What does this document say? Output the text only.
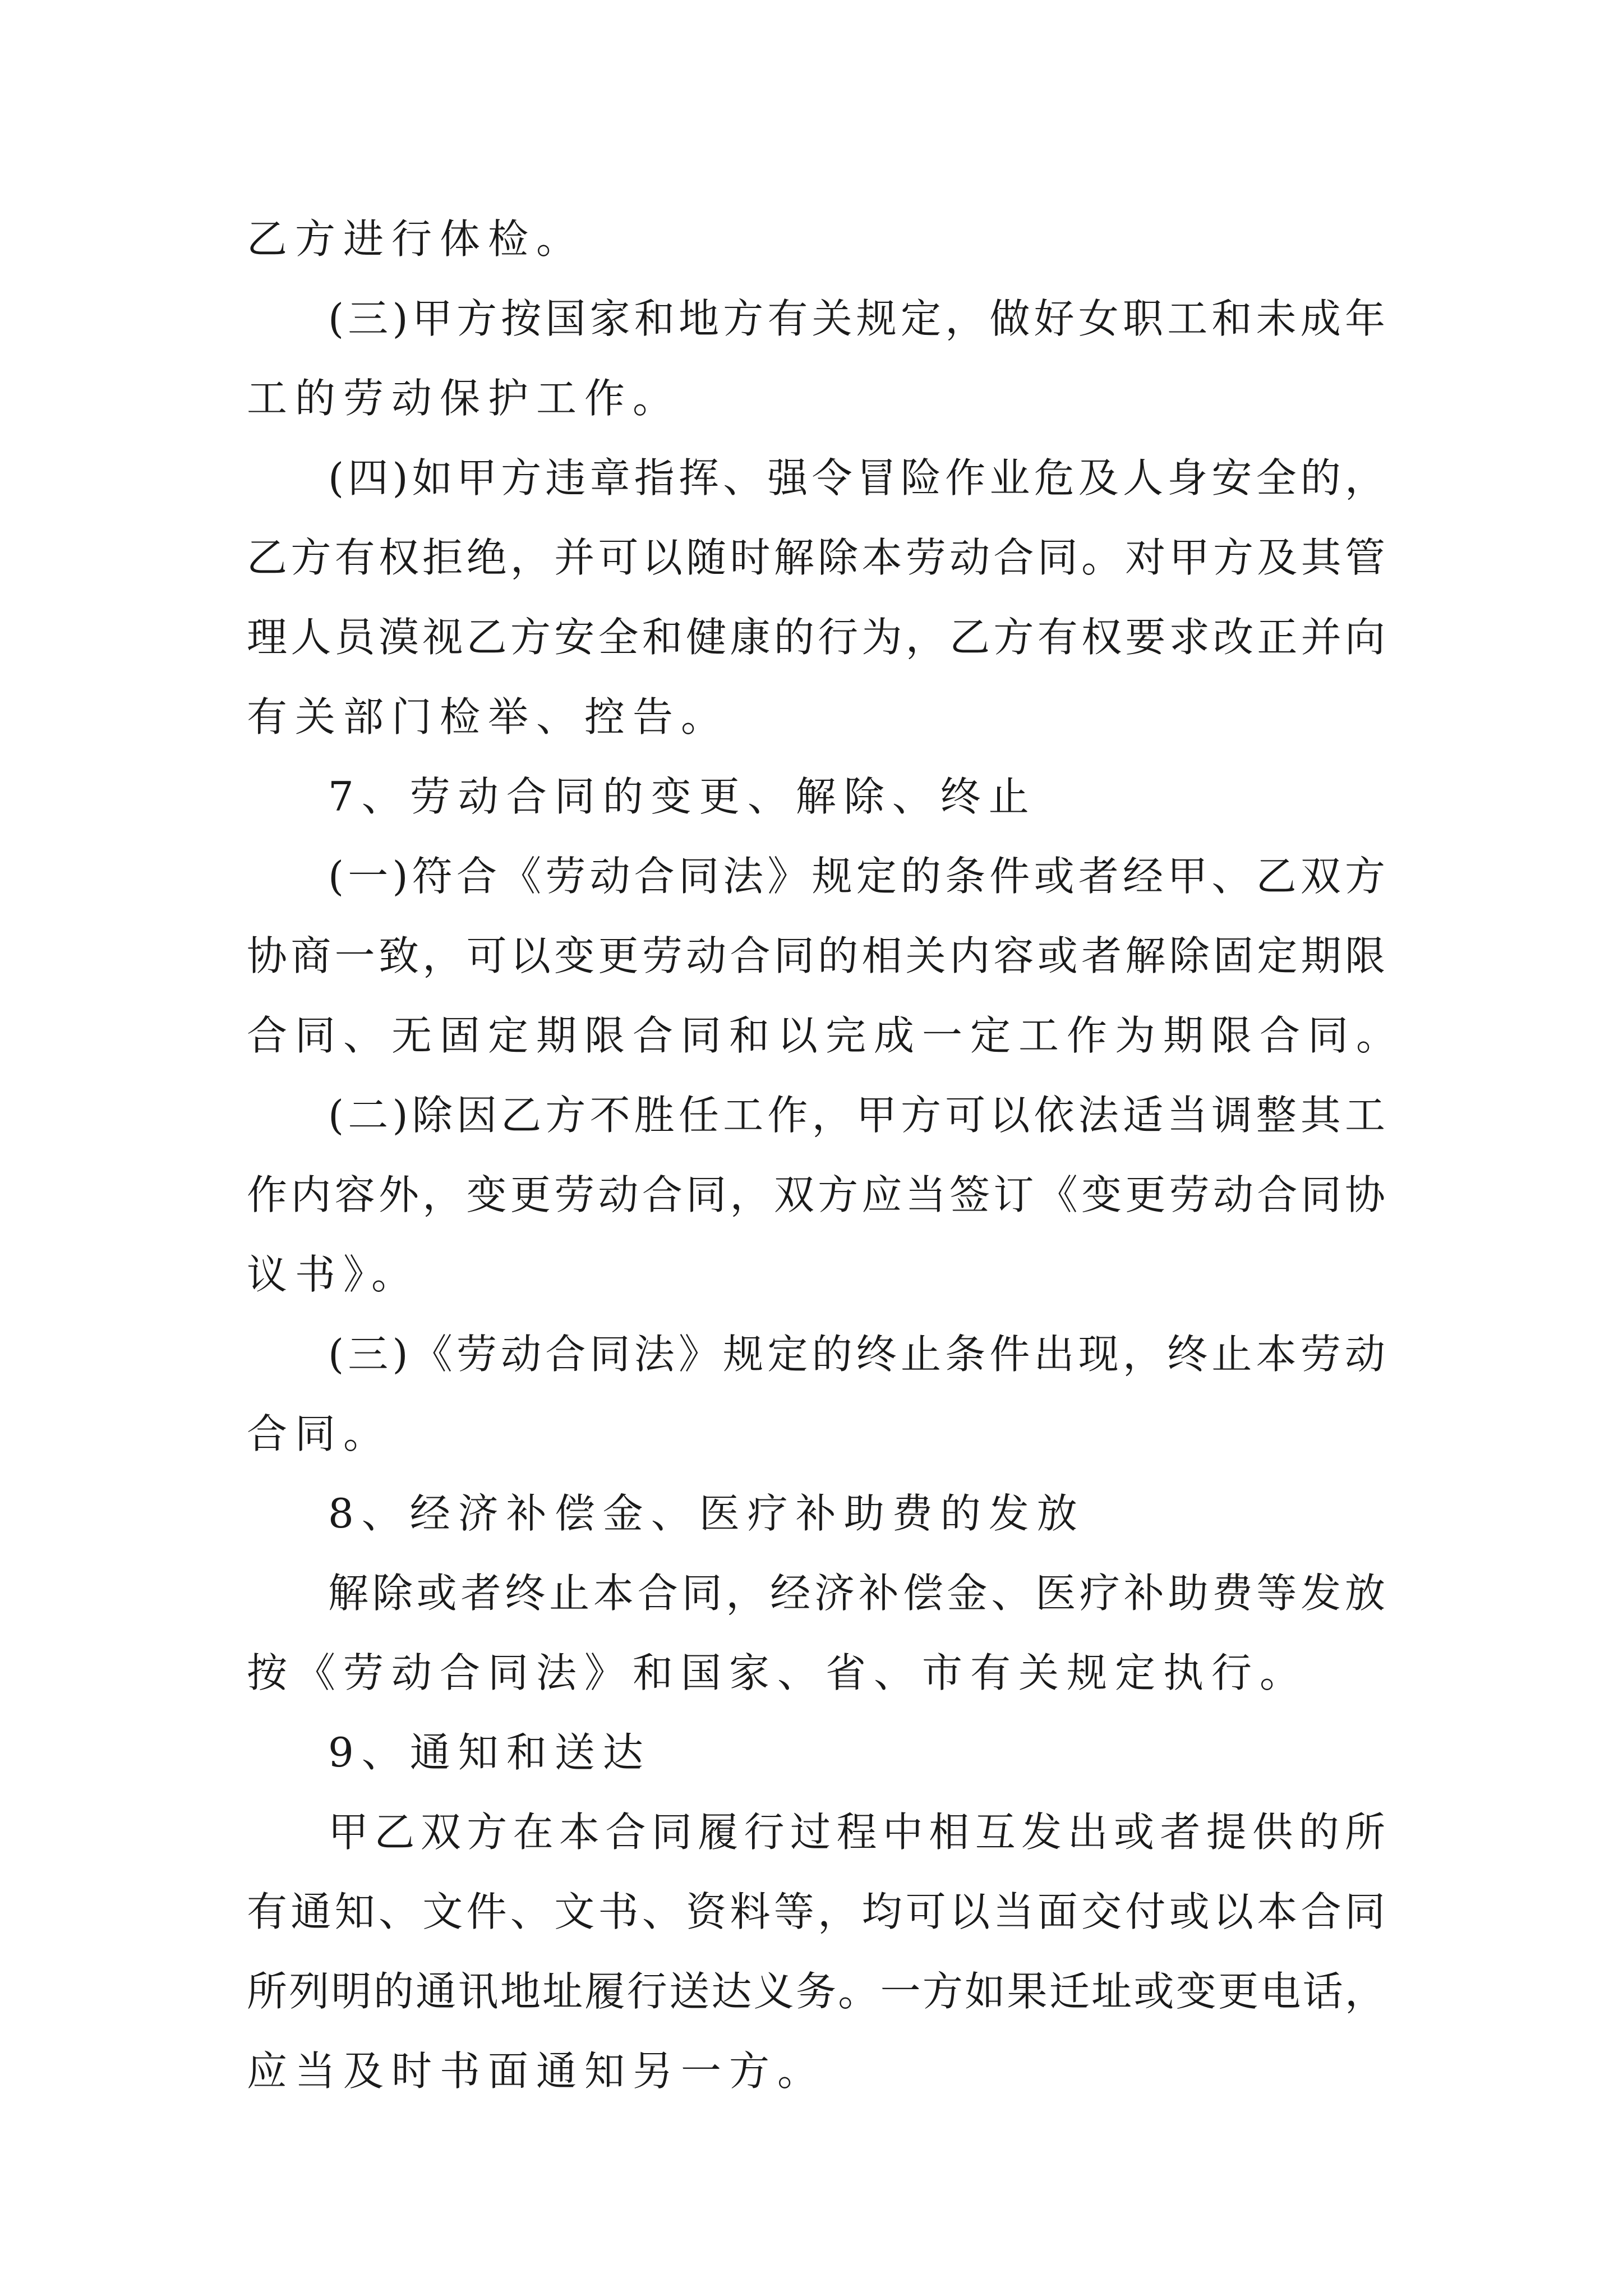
乙方进行体检。
(三)甲方按国家和地方有关规定，做好女职工和未成年
工的劳动保护工作。
(四)如甲方违章指挥、强令冒险作业危及人身安全的，
乙方有权拒绝，并可以随时解除本劳动合同。对甲方及其管
理人员漠视乙方安全和健康的行为，乙方有权要求改正并向
有关部门检举、控告。
7、劳动合同的变更、解除、终止
(一)符合《劳动合同法》规定的条件或者经甲、乙双方
协商一致，可以变更劳动合同的相关内容或者解除固定期限
合同、无固定期限合同和以完成一定工作为期限合同。
(二)除因乙方不胜任工作，甲方可以依法适当调整其工
作内容外，变更劳动合同，双方应当签订《变更劳动合同协
议书》。
(三)《劳动合同法》规定的终止条件出现，终止本劳动
合同。
8、经济补偿金、医疗补助费的发放
解除或者终止本合同，经济补偿金、医疗补助费等发放
按《劳动合同法》和国家、省、市有关规定执行。
9、通知和送达
甲乙双方在本合同履行过程中相互发出或者提供的所
有通知、文件、文书、资料等，均可以当面交付或以本合同
所列明的通讯地址履行送达义务。一方如果迁址或变更电话，
应当及时书面通知另一方。
